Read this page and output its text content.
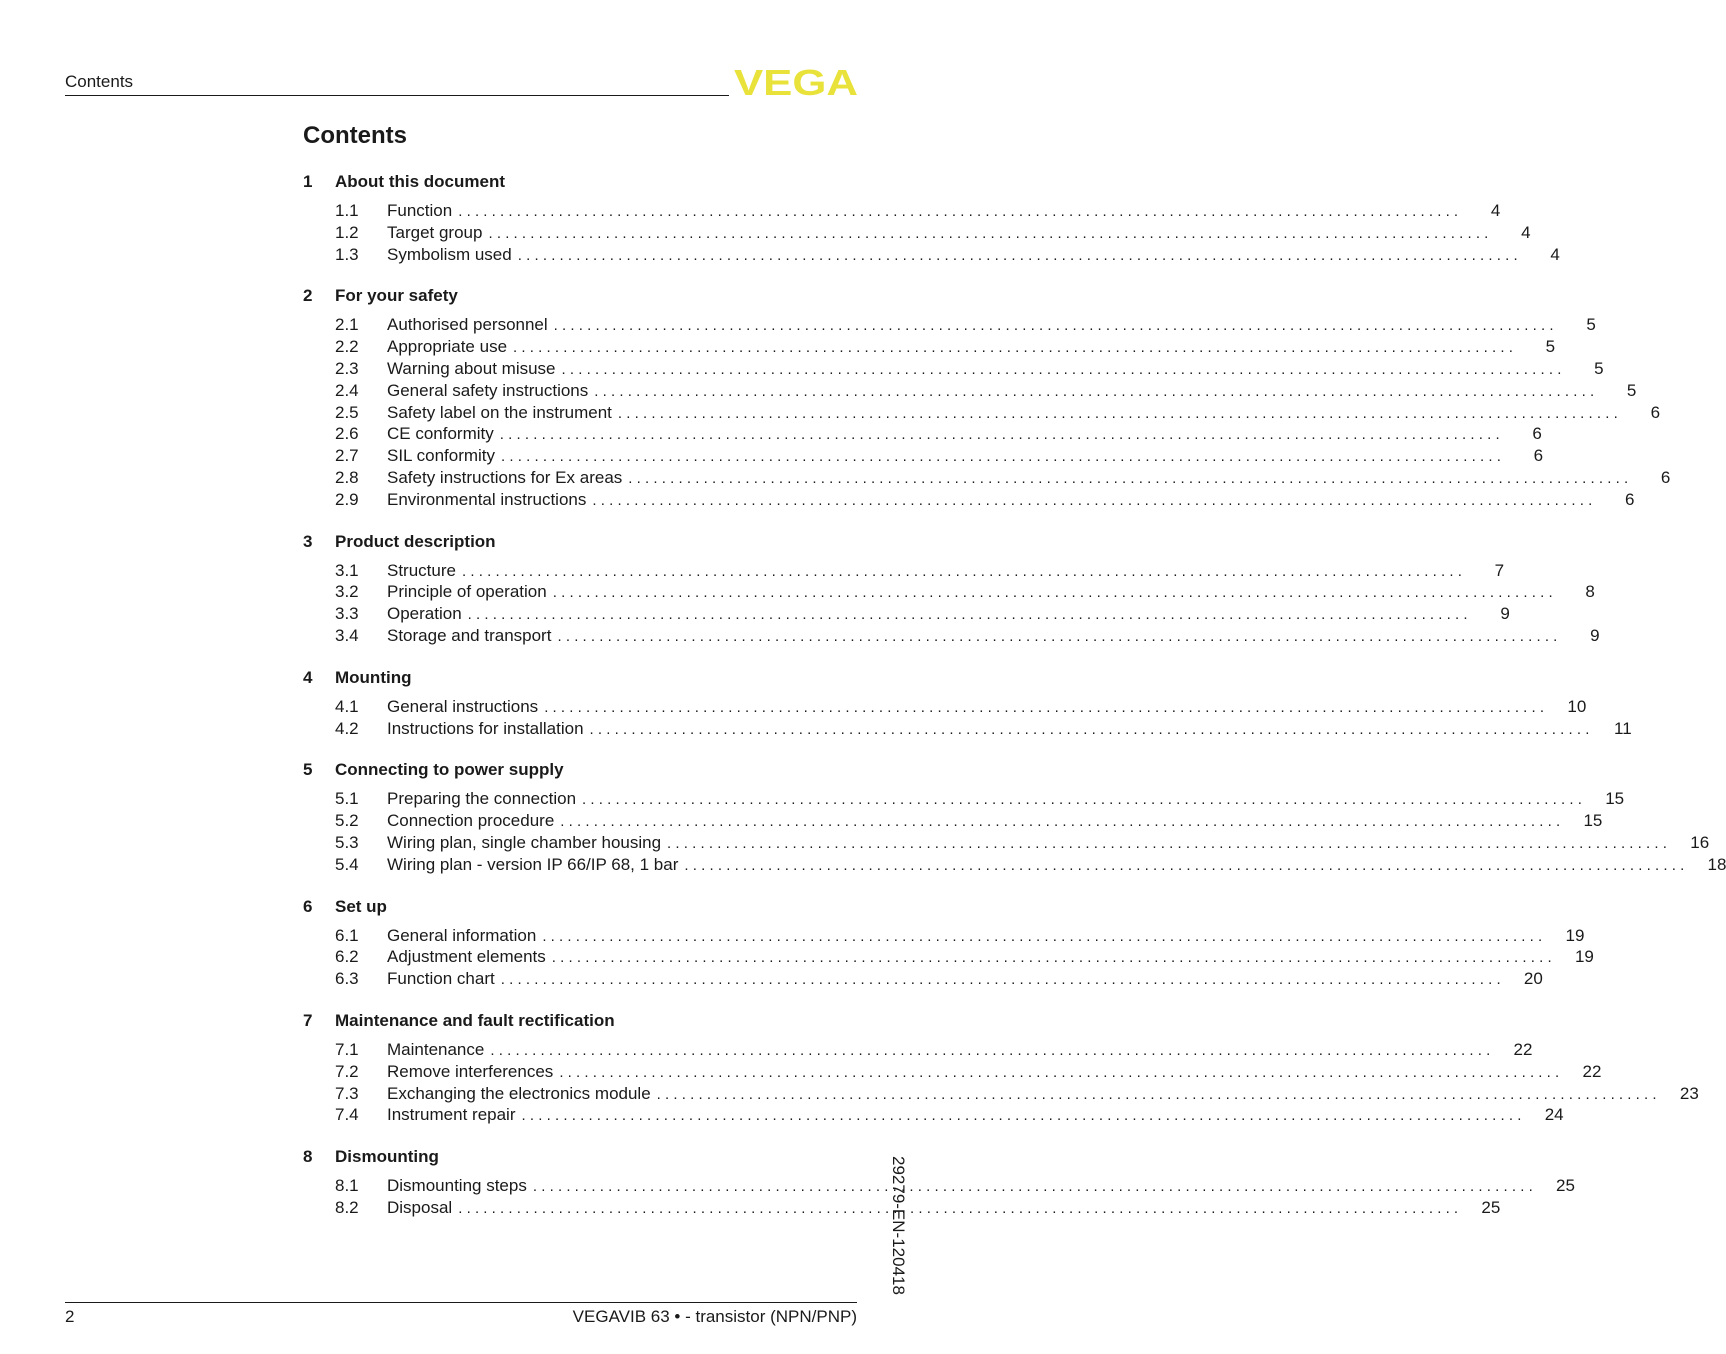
Contents	VEGA
Contents
1	About this document
1.1	Function ........................................................................................................................	4
1.2	Target group ........................................................................................................................	4
1.3	Symbolism used ........................................................................................................................	4
2	For your safety
2.1	Authorised personnel ........................................................................................................................	5
2.2	Appropriate use ........................................................................................................................	5
2.3	Warning about misuse ........................................................................................................................	5
2.4	General safety instructions ........................................................................................................................	5
2.5	Safety label on the instrument ........................................................................................................................	6
2.6	CE conformity ........................................................................................................................	6
2.7	SIL conformity ........................................................................................................................	6
2.8	Safety instructions for Ex areas ........................................................................................................................	6
2.9	Environmental instructions ........................................................................................................................	6
3	Product description
3.1	Structure ........................................................................................................................	7
3.2	Principle of operation ........................................................................................................................	8
3.3	Operation ........................................................................................................................	9
3.4	Storage and transport ........................................................................................................................	9
4	Mounting
4.1	General instructions ........................................................................................................................	10
4.2	Instructions for installation ........................................................................................................................	11
5	Connecting to power supply
5.1	Preparing the connection ........................................................................................................................	15
5.2	Connection procedure ........................................................................................................................	15
5.3	Wiring plan, single chamber housing ........................................................................................................................	16
5.4	Wiring plan - version IP 66/IP 68, 1 bar ........................................................................................................................	18
6	Set up
6.1	General information ........................................................................................................................	19
6.2	Adjustment elements ........................................................................................................................	19
6.3	Function chart ........................................................................................................................	20
7	Maintenance and fault rectification
7.1	Maintenance ........................................................................................................................	22
7.2	Remove interferences ........................................................................................................................	22
7.3	Exchanging the electronics module ........................................................................................................................	23
7.4	Instrument repair ........................................................................................................................	24
8	Dismounting
8.1	Dismounting steps ........................................................................................................................	25
8.2	Disposal ........................................................................................................................	25
29279-EN-120418
2	VEGAVIB 63 • - transistor (NPN/PNP)
